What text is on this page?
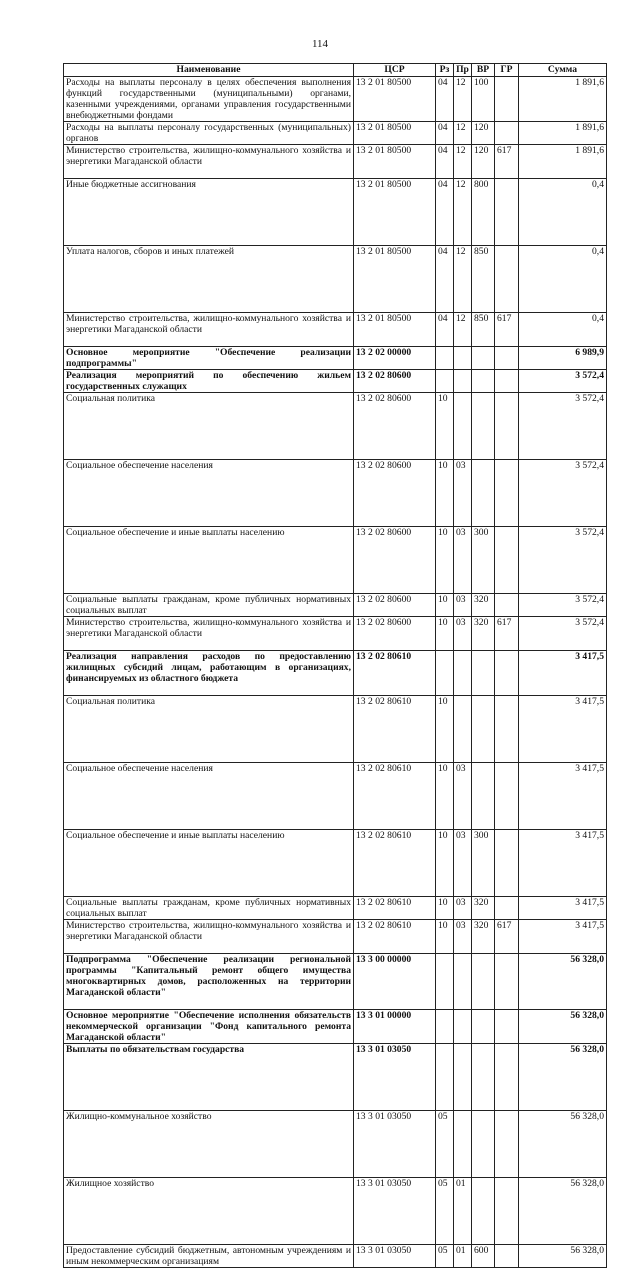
114
Наименование	ЦСР	Рз	Пр	ВР	ГР	Сумма
Расходы на выплаты персоналу в целях обеспечения выполнения функций государственными (муниципальными) органами, казенными учреждениями, органами управления государственными внебюджетными фондами	13 2 01 80500	04	12	100		1 891,6
Расходы на выплаты персоналу государственных (муниципальных) органов	13 2 01 80500	04	12	120		1 891,6
Министерство строительства, жилищно-коммунального хозяйства и энергетики Магаданской области	13 2 01 80500	04	12	120	617	1 891,6
Иные бюджетные ассигнования	13 2 01 80500	04	12	800		0,4
Уплата налогов, сборов и иных платежей	13 2 01 80500	04	12	850		0,4
Министерство строительства, жилищно-коммунального хозяйства и энергетики Магаданской области	13 2 01 80500	04	12	850	617	0,4
Основное мероприятие "Обеспечение реализации подпрограммы"	13 2 02 00000					6 989,9
Реализация мероприятий по обеспечению жильем государственных служащих	13 2 02 80600					3 572,4
Социальная политика	13 2 02 80600	10				3 572,4
Социальное обеспечение населения	13 2 02 80600	10	03			3 572,4
Социальное обеспечение и иные выплаты населению	13 2 02 80600	10	03	300		3 572,4
Социальные выплаты гражданам, кроме публичных нормативных социальных выплат	13 2 02 80600	10	03	320		3 572,4
Министерство строительства, жилищно-коммунального хозяйства и энергетики Магаданской области	13 2 02 80600	10	03	320	617	3 572,4
Реализация направления расходов по предоставлению жилищных субсидий лицам, работающим в организациях, финансируемых из областного бюджета	13 2 02 80610					3 417,5
Социальная политика	13 2 02 80610	10				3 417,5
Социальное обеспечение населения	13 2 02 80610	10	03			3 417,5
Социальное обеспечение и иные выплаты населению	13 2 02 80610	10	03	300		3 417,5
Социальные выплаты гражданам, кроме публичных нормативных социальных выплат	13 2 02 80610	10	03	320		3 417,5
Министерство строительства, жилищно-коммунального хозяйства и энергетики Магаданской области	13 2 02 80610	10	03	320	617	3 417,5
Подпрограмма "Обеспечение реализации региональной программы "Капитальный ремонт общего имущества многоквартирных домов, расположенных на территории Магаданской области"	13 3 00 00000					56 328,0
Основное мероприятие "Обеспечение исполнения обязательств некоммерческой организации "Фонд капитального ремонта Магаданской области"	13 3 01 00000					56 328,0
Выплаты по обязательствам государства	13 3 01 03050					56 328,0
Жилищно-коммунальное хозяйство	13 3 01 03050	05				56 328,0
Жилищное хозяйство	13 3 01 03050	05	01			56 328,0
Предоставление субсидий бюджетным, автономным учреждениям и иным некоммерческим организациям	13 3 01 03050	05	01	600		56 328,0
